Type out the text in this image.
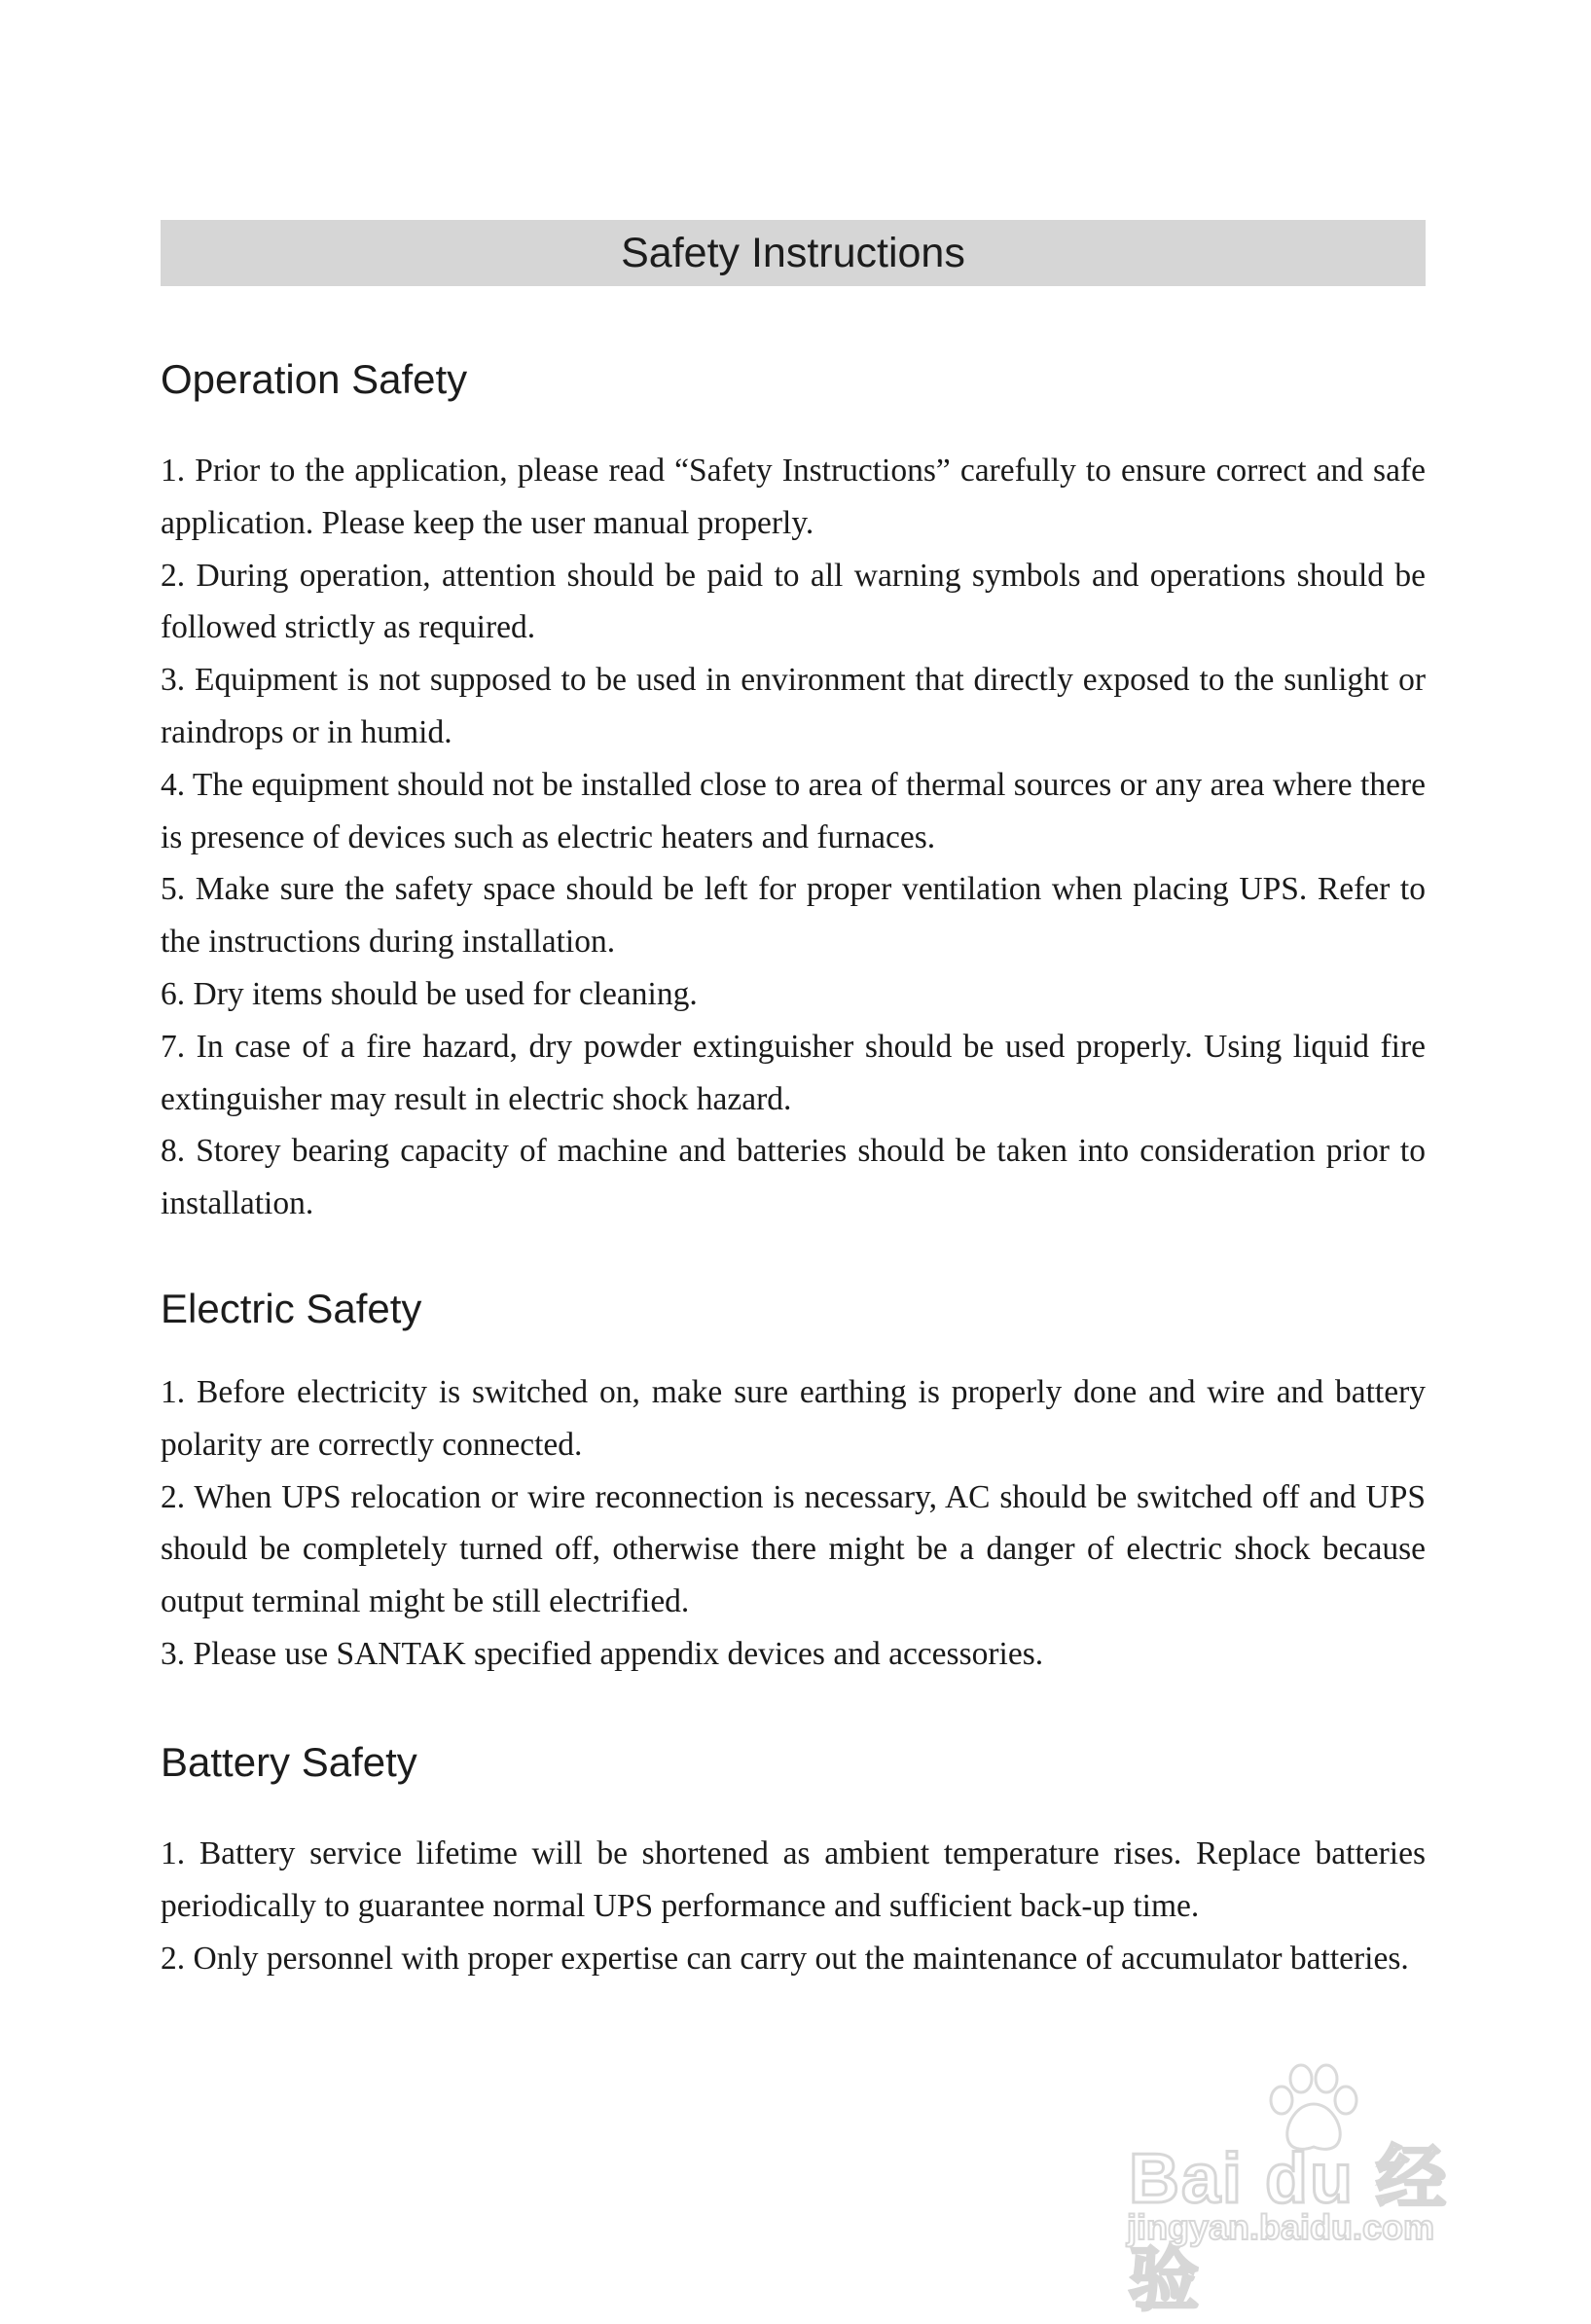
Safety Instructions
Operation Safety
1. Prior to the application, please read “Safety Instructions” carefully to ensure correct and safe application. Please keep the user manual properly.
2. During operation, attention should be paid to all warning symbols and operations should be followed strictly as required.
3. Equipment is not supposed to be used in environment that directly exposed to the sunlight or raindrops or in humid.
4. The equipment should not be installed close to area of thermal sources or any area where there is presence of devices such as electric heaters and furnaces.
5. Make sure the safety space should be left for proper ventilation when placing UPS. Refer to the instructions during installation.
6. Dry items should be used for cleaning.
7. In case of a fire hazard, dry powder extinguisher should be used properly. Using liquid fire extinguisher may result in electric shock hazard.
8. Storey bearing capacity of machine and batteries should be taken into consideration prior to installation.
Electric Safety
1. Before electricity is switched on, make sure earthing is properly done and wire and battery polarity are correctly connected.
2. When UPS relocation or wire reconnection is necessary, AC should be switched off and UPS should be completely turned off, otherwise there might be a danger of electric shock because output terminal might be still electrified.
3. Please use SANTAK specified appendix devices and accessories.
Battery Safety
1. Battery service lifetime will be shortened as ambient temperature rises. Replace batteries periodically to guarantee normal UPS performance and sufficient back-up time.
2. Only personnel with proper expertise can carry out the maintenance of accumulator batteries.
Bai du 经验
jingyan.baidu.com
